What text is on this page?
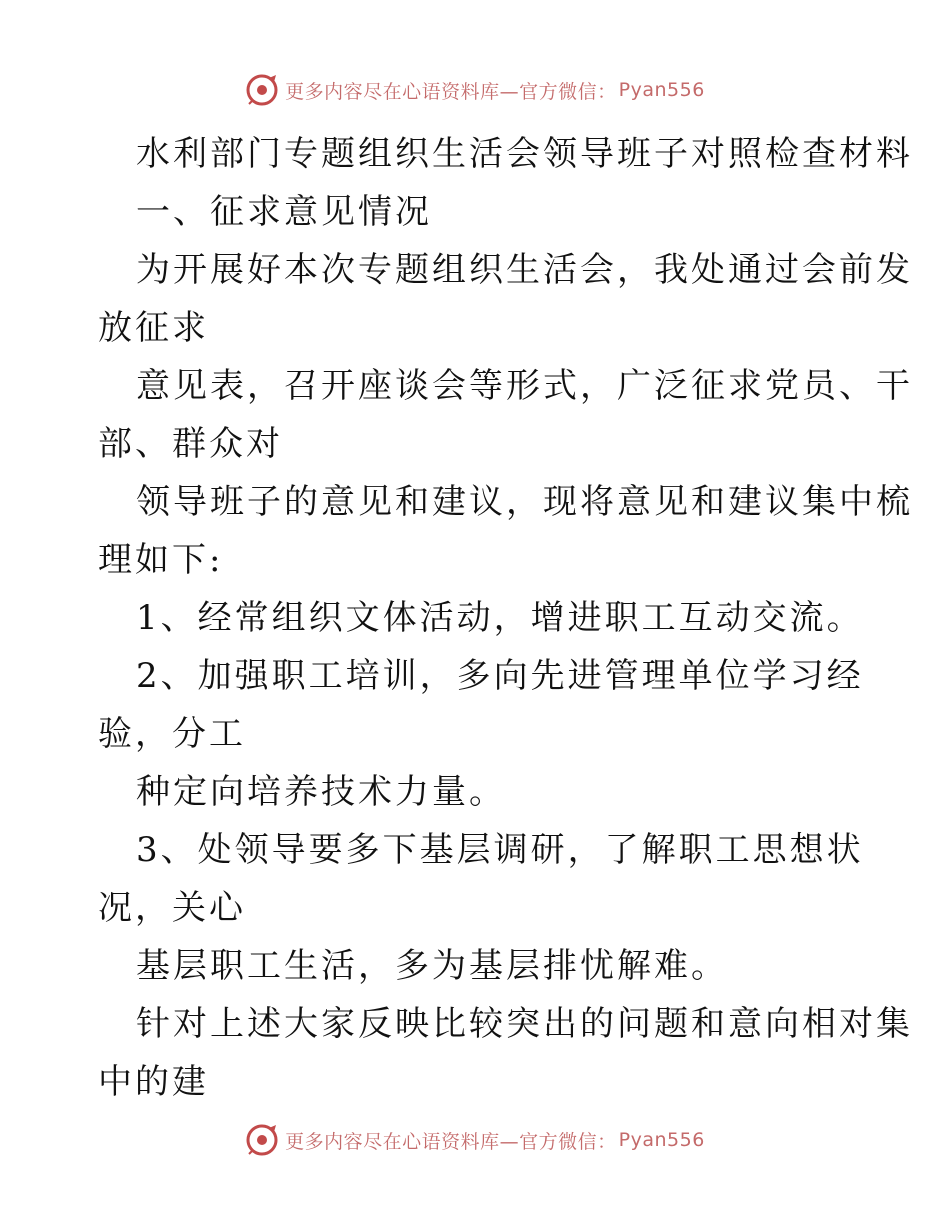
更多内容尽在心语资料库—官方微信： Pyan556
水利部门专题组织生活会领导班子对照检查材料
一、征求意见情况
为开展好本次专题组织生活会，我处通过会前发
放征求
意见表，召开座谈会等形式，广泛征求党员、干
部、群众对
领导班子的意见和建议，现将意见和建议集中梳
理如下:
1、经常组织文体活动，增进职工互动交流。
2、加强职工培训，多向先进管理单位学习经
验，分工
种定向培养技术力量。
3、处领导要多下基层调研，了解职工思想状
况，关心
基层职工生活，多为基层排忧解难。
针对上述大家反映比较突出的问题和意向相对集
中的建
更多内容尽在心语资料库—官方微信： Pyan556
